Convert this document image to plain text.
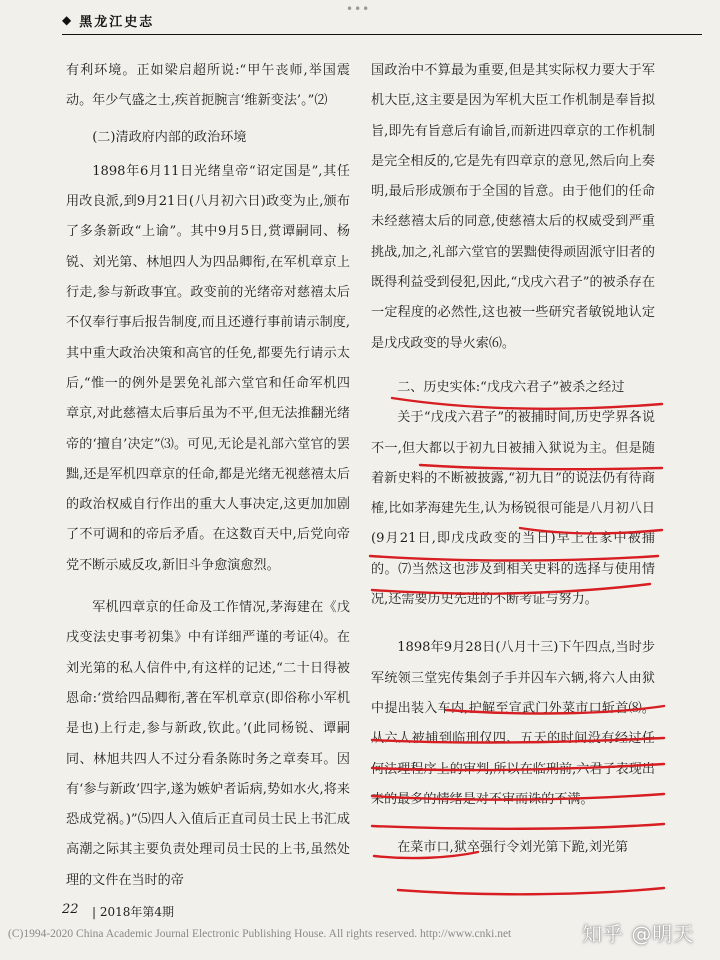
•••
◆ 黑龙江史志

有利环境。正如梁启超所说:“甲午丧师,举国震动。年少气盛之士,疾首扼腕言‘维新变法’。”⑵

(二)清政府内部的政治环境

1898年6月11日光绪皇帝“诏定国是”,其任用改良派,到9月21日(八月初六日)政变为止,颁布了多条新政“上谕”。其中9月5日,赏谭嗣同、杨锐、刘光第、林旭四人为四品卿衔,在军机章京上行走,参与新政事宜。政变前的光绪帝对慈禧太后不仅奉行事后报告制度,而且还遵行事前请示制度,其中重大政治决策和高官的任免,都要先行请示太后,“惟一的例外是罢免礼部六堂官和任命军机四章京,对此慈禧太后事后虽为不平,但无法推翻光绪帝的‘擅自’决定”⑶。可见,无论是礼部六堂官的罢黜,还是军机四章京的任命,都是光绪无视慈禧太后的政治权威自行作出的重大人事决定,这更加加剧了不可调和的帝后矛盾。在这数百天中,后党向帝党不断示威反攻,新旧斗争愈演愈烈。

军机四章京的任命及工作情况,茅海建在《戊戌变法史事考初集》中有详细严谨的考证⑷。在刘光第的私人信件中,有这样的记述,“二十日得被恩命:‘赏给四品卿衔,著在军机章京(即俗称小军机是也)上行走,参与新政,钦此。’(此同杨锐、谭嗣同、林旭共四人不过分看条陈时务之章奏耳。因有‘参与新政’四字,遂为嫉妒者诟病,势如水火,将来恐成党祸。)”⑸四人入值后正直司员士民上书汇成高潮之际其主要负责处理司员士民的上书,虽然处理的文件在当时的帝

国政治中不算最为重要,但是其实际权力要大于军机大臣,这主要是因为军机大臣工作机制是奉旨拟旨,即先有旨意后有谕旨,而新进四章京的工作机制是完全相反的,它是先有四章京的意见,然后向上奏明,最后形成颁布于全国的旨意。由于他们的任命未经慈禧太后的同意,使慈禧太后的权威受到严重挑战,加之,礼部六堂官的罢黜使得顽固派守旧者的既得利益受到侵犯,因此,“戊戌六君子”的被杀存在一定程度的必然性,这也被一些研究者敏锐地认定是戊戌政变的导火索⑹。

二、历史实体:“戊戌六君子”被杀之经过

关于“戊戌六君子”的被捕时间,历史学界各说不一,但大都以于初九日被捕入狱说为主。但是随着新史料的不断被披露,“初九日”的说法仍有待商榷,比如茅海建先生,认为杨锐很可能是八月初八日(9月21日,即戊戌政变的当日)早上在家中被捕的。⑺当然这也涉及到相关史料的选择与使用情况,还需要历史先进的不断考证与努力。

1898年9月28日(八月十三)下午四点,当时步军统领三堂宪传集刽子手并囚车六辆,将六人由狱中提出装入车内,护解至宣武门外菜市口斩首⑻。从六人被捕到临刑仅四、五天的时间没有经过任何法理程序上的审判,所以在临刑前,六君子表现出来的最多的情绪是对不审而诛的不满。

在菜市口,狱卒强行令刘光第下跪,刘光第

22 | 2018年第4期
(C)1994-2020 China Academic Journal Electronic Publishing House. All rights reserved. http://www.cnki.net	知乎 @明天
